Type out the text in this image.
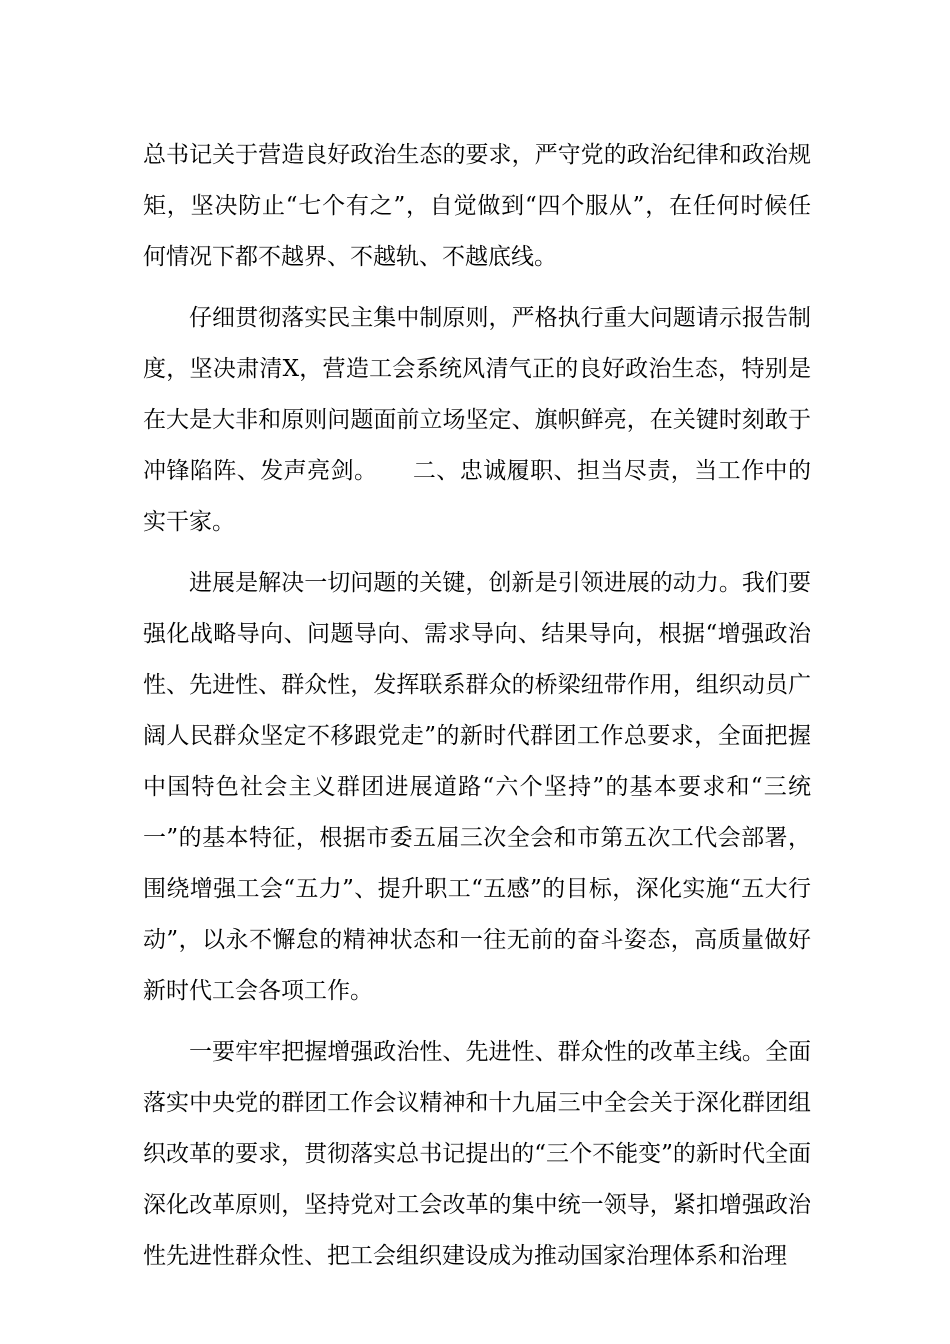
总书记关于营造良好政治生态的要求，严守党的政治纪律和政治规矩，坚决防止“七个有之”，自觉做到“四个服从”，在任何时候任何情况下都不越界、不越轨、不越底线。

仔细贯彻落实民主集中制原则，严格执行重大问题请示报告制度，坚决肃清X，营造工会系统风清气正的良好政治生态，特别是在大是大非和原则问题面前立场坚定、旗帜鲜亮，在关键时刻敢于冲锋陷阵、发声亮剑。　　二、忠诚履职、担当尽责，当工作中的实干家。

进展是解决一切问题的关键，创新是引领进展的动力。我们要强化战略导向、问题导向、需求导向、结果导向，根据“增强政治性、先进性、群众性，发挥联系群众的桥梁纽带作用，组织动员广阔人民群众坚定不移跟党走”的新时代群团工作总要求，全面把握中国特色社会主义群团进展道路“六个坚持”的基本要求和“三统一”的基本特征，根据市委五届三次全会和市第五次工代会部署，围绕增强工会“五力”、提升职工“五感”的目标，深化实施“五大行动”，以永不懈怠的精神状态和一往无前的奋斗姿态，高质量做好新时代工会各项工作。

一要牢牢把握增强政治性、先进性、群众性的改革主线。全面落实中央党的群团工作会议精神和十九届三中全会关于深化群团组织改革的要求，贯彻落实总书记提出的“三个不能变”的新时代全面深化改革原则，坚持党对工会改革的集中统一领导，紧扣增强政治性先进性群众性、把工会组织建设成为推动国家治理体系和治理
